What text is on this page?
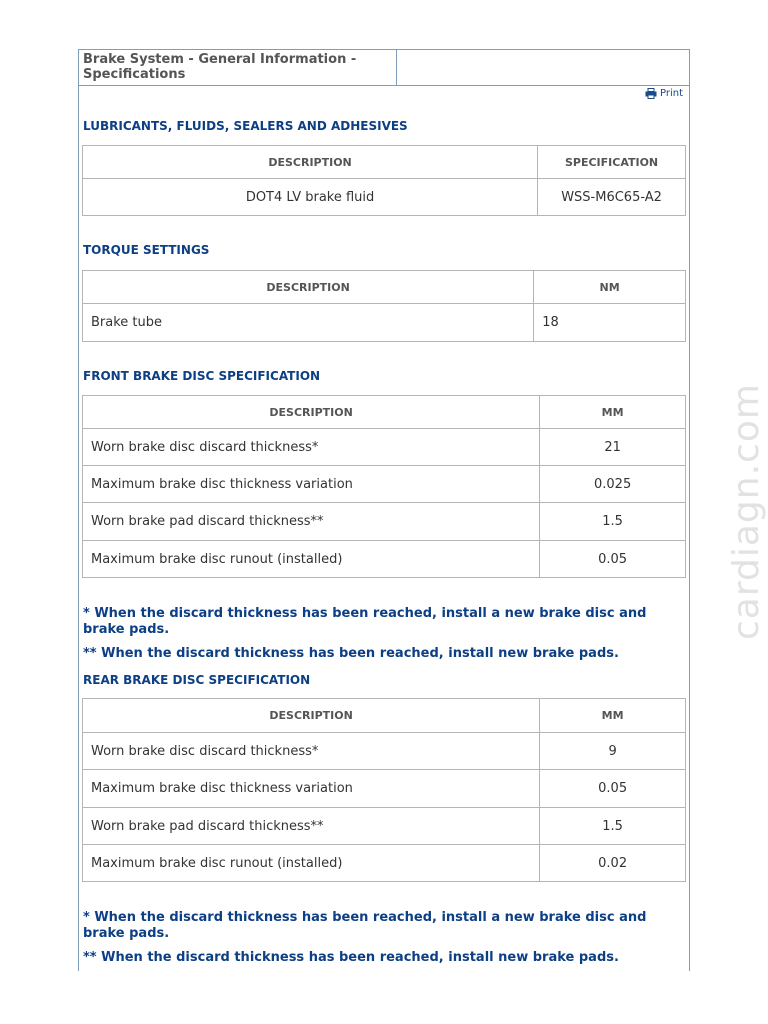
Brake System - General Information - Specifications
Print
LUBRICANTS, FLUIDS, SEALERS AND ADHESIVES
DESCRIPTION	SPECIFICATION
DOT4 LV brake fluid	WSS-M6C65-A2
TORQUE SETTINGS
DESCRIPTION	NM
Brake tube	18
FRONT BRAKE DISC SPECIFICATION
DESCRIPTION	MM
Worn brake disc discard thickness*	21
Maximum brake disc thickness variation	0.025
Worn brake pad discard thickness**	1.5
Maximum brake disc runout (installed)	0.05
* When the discard thickness has been reached, install a new brake disc and brake pads.
** When the discard thickness has been reached, install new brake pads.
REAR BRAKE DISC SPECIFICATION
DESCRIPTION	MM
Worn brake disc discard thickness*	9
Maximum brake disc thickness variation	0.05
Worn brake pad discard thickness**	1.5
Maximum brake disc runout (installed)	0.02
* When the discard thickness has been reached, install a new brake disc and brake pads.
** When the discard thickness has been reached, install new brake pads.
cardiagn.com
